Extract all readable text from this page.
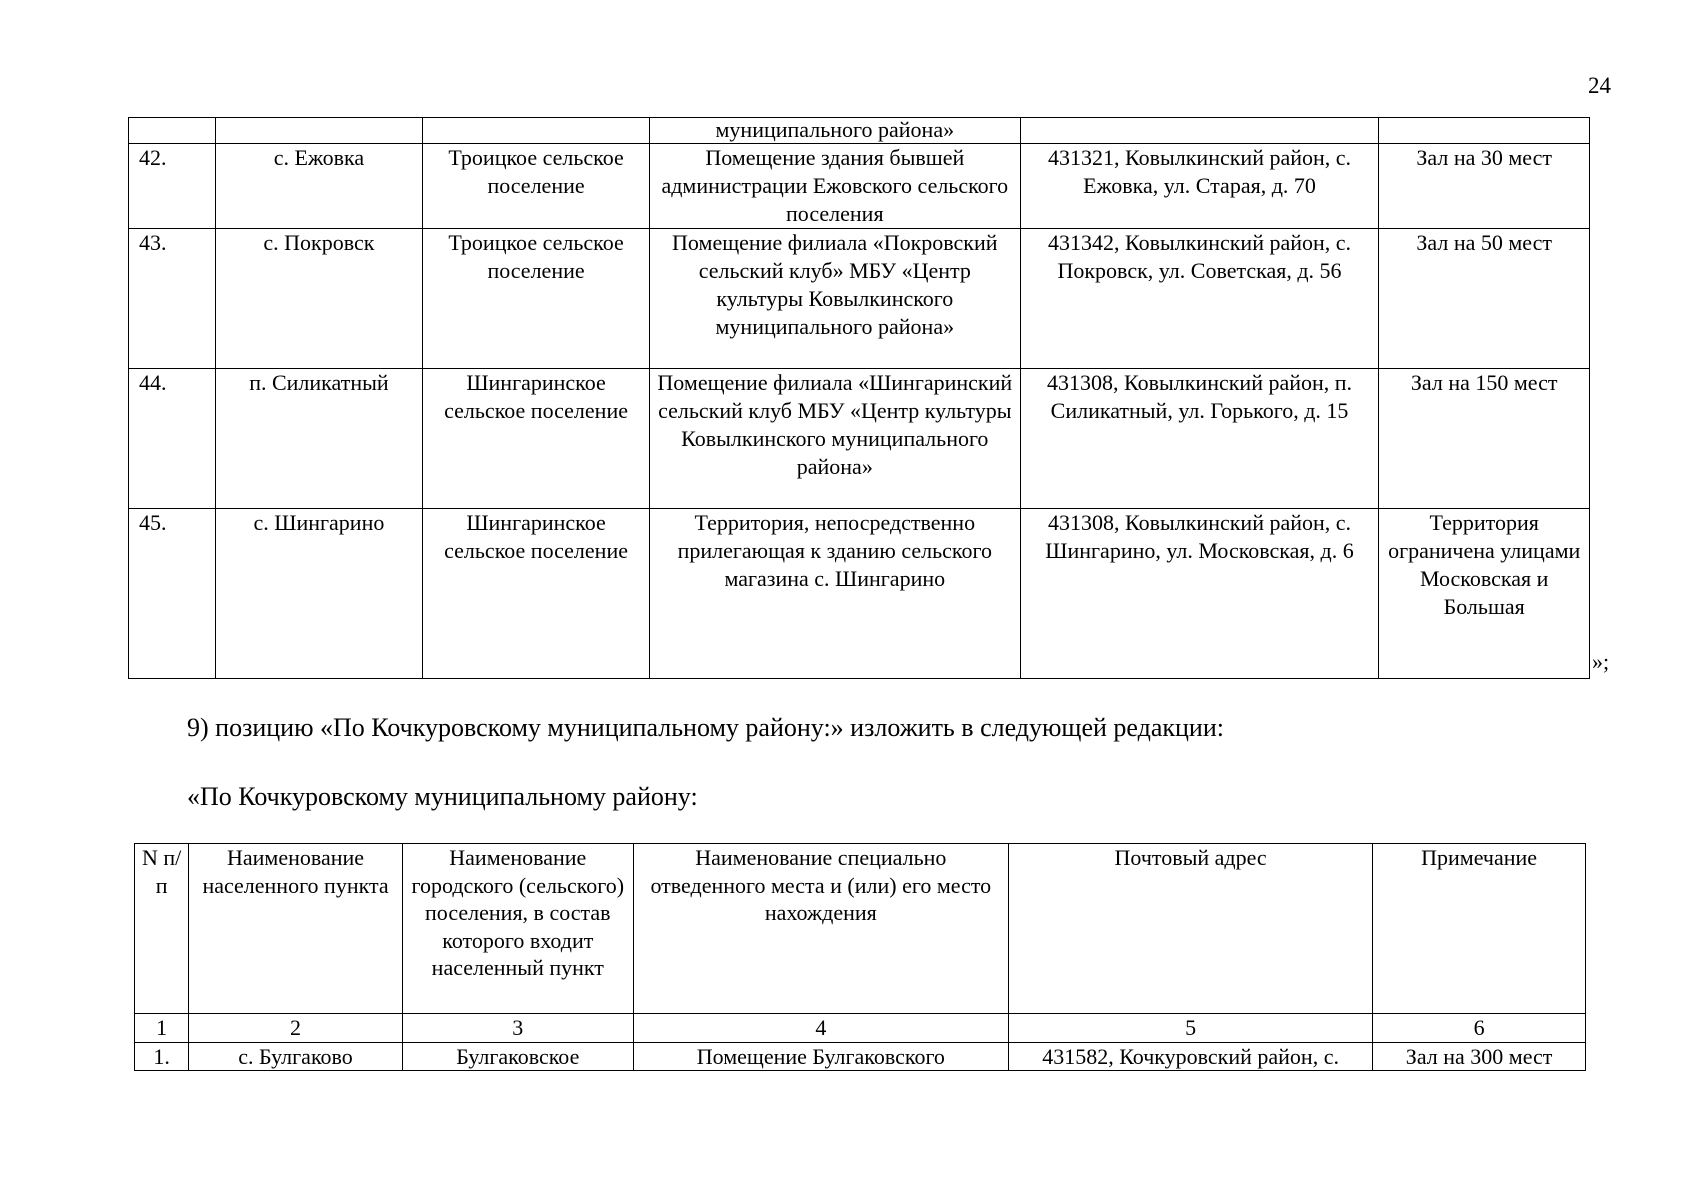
24
			муниципального района»		
42.	с. Ежовка	Троицкое сельское поселение	Помещение здания бывшей администрации Ежовского сельского поселения	431321, Ковылкинский район, с. Ежовка, ул. Старая, д. 70	Зал на 30 мест
43.	с. Покровск	Троицкое сельское поселение	Помещение филиала «Покровский сельский клуб» МБУ «Центр культуры Ковылкинского муниципального района»	431342, Ковылкинский район, с. Покровск, ул. Советская, д. 56	Зал на 50 мест
44.	п. Силикатный	Шингаринское сельское поселение	Помещение филиала «Шингаринский сельский клуб МБУ «Центр культуры Ковылкинского муниципального района»	431308, Ковылкинский район, п. Силикатный, ул. Горького, д. 15	Зал на 150 мест
45.	с. Шингарино	Шингаринское сельское поселение	Территория, непосредственно прилегающая к зданию сельского магазина с. Шингарино	431308, Ковылкинский район, с. Шингарино, ул. Московская, д. 6	Территория ограничена улицами Московская и Большая
»;
9) позицию «По Кочкуровскому муниципальному району:» изложить в следующей редакции:
«По Кочкуровскому муниципальному району:
N п/п	Наименование населенного пункта	Наименование городского (сельского) поселения, в состав которого входит населенный пункт	Наименование специально отведенного места и (или) его место нахождения	Почтовый адрес	Примечание
1	2	3	4	5	6
1.	с. Булгаково	Булгаковское	Помещение Булгаковского	431582, Кочкуровский район, с.	Зал на 300 мест
